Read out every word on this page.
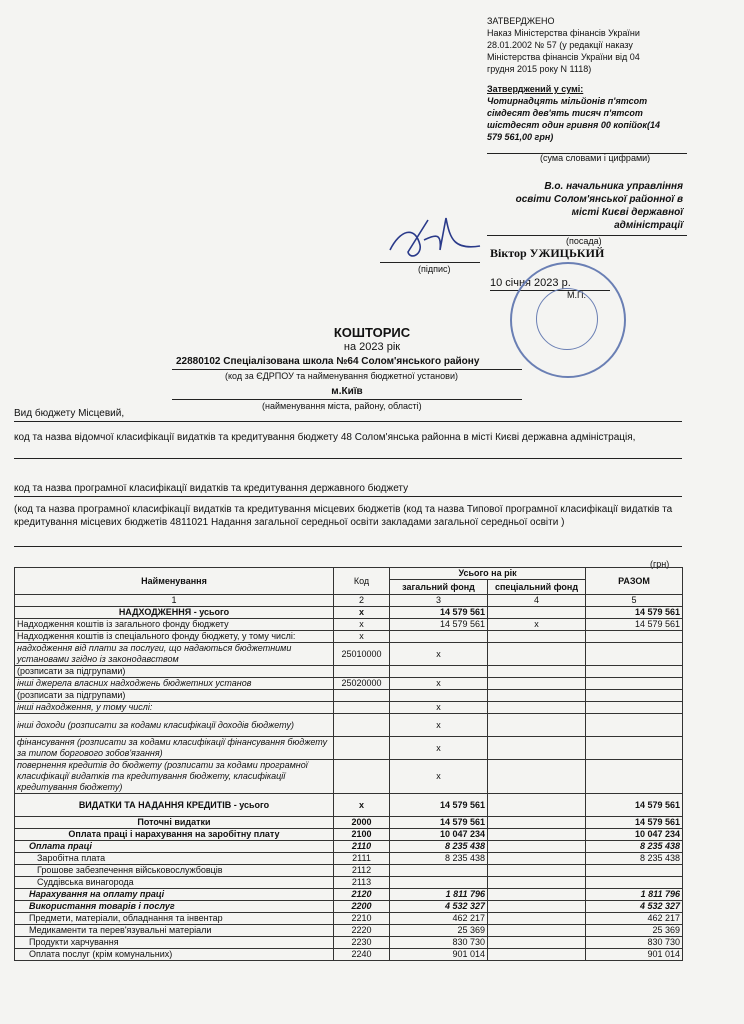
ЗАТВЕРДЖЕНО
Наказ Міністерства фінансів України
28.01.2002 № 57 (у редакції наказу
Міністерства фінансів України від 04
грудня 2015 року N 1118)
Затверджений у сумі:
Чотирнадцять мільйонів п'ятсот
сімдесят дев'ять тисяч п'ятсот
шістдесят один гривня 00 копійок(14
579 561,00 грн)
(сума словами і цифрами)
В.о. начальника управління
освіти Солом'янської районної в
місті Києві державної
адміністрації
(посада)
(підпис)
Віктор УЖИЦЬКИЙ
10 січня 2023 р.
М.П.
КОШТОРИС
на 2023 рік
22880102 Спеціалізована школа №64 Солом'янського району
(код за ЄДРПОУ та найменування бюджетної установи)
м.Київ
(найменування міста, району, області)
Вид бюджету Місцевий,
код та назва відомчої класифікації видатків та кредитування бюджету 48 Солом'янська районна в місті Києві державна адміністрація,
код та назва програмної класифікації видатків та кредитування державного бюджету
(код та назва програмної класифікації видатків та кредитування місцевих бюджетів (код та назва Типової програмної класифікації видатків та кредитування місцевих бюджетів 4811021 Надання загальної середньої освіти закладами загальної середньої освіти )
(грн)
Найменування	Код	Усього на рік		РАЗОМ
		загальний фонд	спеціальний фонд	
1	2	3	4	5
НАДХОДЖЕННЯ - усього	x	14 579 561		14 579 561
Надходження коштів із загального фонду бюджету	x	14 579 561	x	14 579 561
Надходження коштів із спеціального фонду бюджету, у тому числі:	x			
надходження від плати за послуги, що надаються бюджетними установами згідно із законодавством	25010000	x		
(розписати за підгрупами)				
інші джерела власних надходжень бюджетних установ	25020000	x		
(розписати за підгрупами)				
інші надходження, у тому числі:		x		
інші доходи (розписати за кодами класифікації доходів бюджету)		x		
фінансування (розписати за кодами класифікації фінансування бюджету за типом боргового зобов'язання)		x		
повернення кредитів до бюджету (розписати за кодами програмної класифікації видатків та кредитування бюджету, класифікації кредитування бюджету)		x		
ВИДАТКИ ТА НАДАННЯ КРЕДИТІВ - усього	x	14 579 561		14 579 561
Поточні видатки	2000	14 579 561		14 579 561
Оплата праці і нарахування на заробітну плату	2100	10 047 234		10 047 234
Оплата праці	2110	8 235 438		8 235 438
Заробітна плата	2111	8 235 438		8 235 438
Грошове забезпечення військовослужбовців	2112			
Суддівська винагорода	2113			
Нарахування на оплату праці	2120	1 811 796		1 811 796
Використання товарів і послуг	2200	4 532 327		4 532 327
Предмети, матеріали, обладнання та інвентар	2210	462 217		462 217
Медикаменти та перев'язувальні матеріали	2220	25 369		25 369
Продукти харчування	2230	830 730		830 730
Оплата послуг (крім комунальних)	2240	901 014		901 014
